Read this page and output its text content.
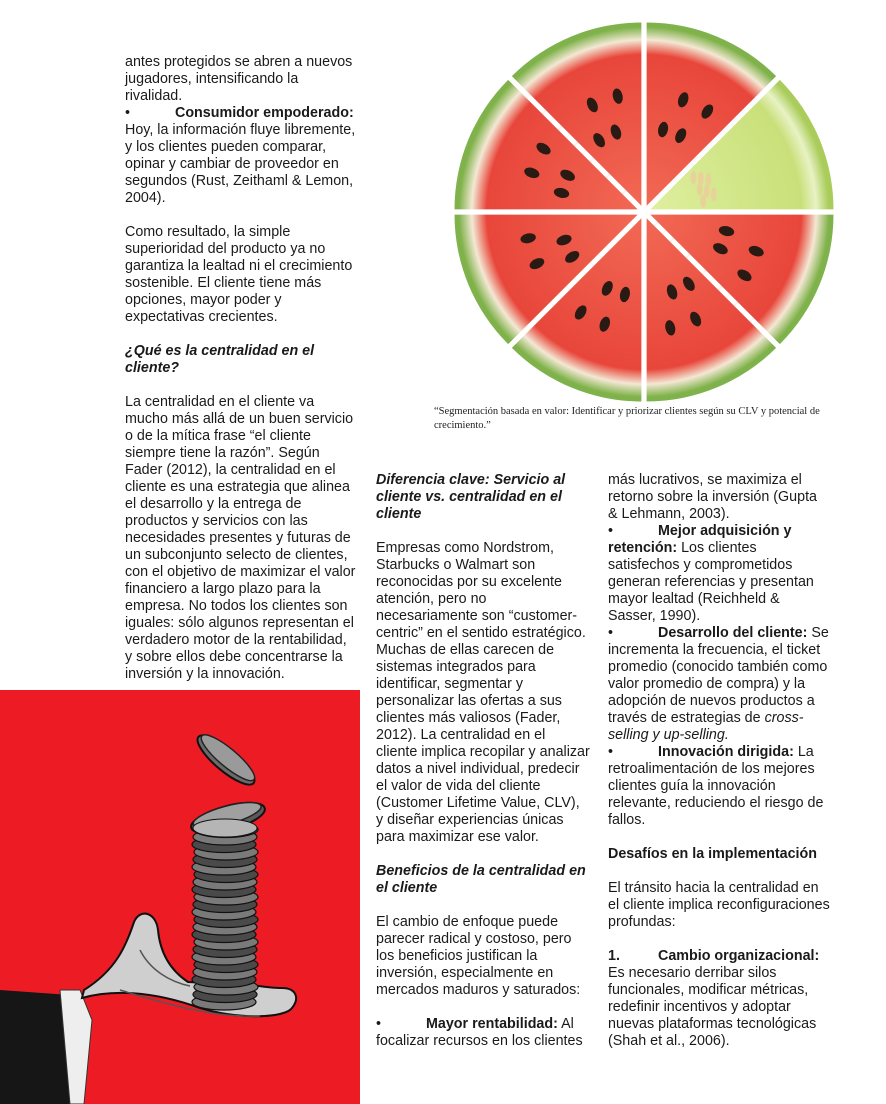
antes protegidos se abren a nuevos jugadores, intensificando la rivalidad.

•	Consumidor empoderado: Hoy, la información fluye libremente, y los clientes pueden comparar, opinar y cambiar de proveedor en segundos (Rust, Zeithaml & Lemon, 2004).

Como resultado, la simple superioridad del producto ya no garantiza la lealtad ni el crecimiento sostenible. El cliente tiene más opciones, mayor poder y expectativas crecientes.

¿Qué es la centralidad en el cliente?

La centralidad en el cliente va mucho más allá de un buen servicio o de la mítica frase “el cliente siempre tiene la razón”. Según Fader (2012), la centralidad en el cliente es una estrategia que alinea el desarrollo y la entrega de productos y servicios con las necesidades presentes y futuras de un subconjunto selecto de clientes, con el objetivo de maximizar el valor financiero a largo plazo para la empresa. No todos los clientes son iguales: sólo algunos representan el verdadero motor de la rentabilidad, y sobre ellos debe concentrarse la inversión y la innovación.

“Segmentación basada en valor: Identificar y priorizar clientes según su CLV y potencial de crecimiento.”

Diferencia clave: Servicio al cliente vs. centralidad en el cliente

Empresas como Nordstrom, Starbucks o Walmart son reconocidas por su excelente atención, pero no necesariamente son “customer-centric” en el sentido estratégico. Muchas de ellas carecen de sistemas integrados para identificar, segmentar y personalizar las ofertas a sus clientes más valiosos (Fader, 2012). La centralidad en el cliente implica recopilar y analizar datos a nivel individual, predecir el valor de vida del cliente (Customer Lifetime Value, CLV), y diseñar experiencias únicas para maximizar ese valor.

Beneficios de la centralidad en el cliente

El cambio de enfoque puede parecer radical y costoso, pero los beneficios justifican la inversión, especialmente en mercados maduros y saturados:

•	Mayor rentabilidad: Al focalizar recursos en los clientes

más lucrativos, se maximiza el retorno sobre la inversión (Gupta & Lehmann, 2003).

•	Mejor adquisición y retención: Los clientes satisfechos y comprometidos generan referencias y presentan mayor lealtad (Reichheld & Sasser, 1990).

•	Desarrollo del cliente: Se incrementa la frecuencia, el ticket promedio (conocido también como valor promedio de compra) y la adopción de nuevos productos a través de estrategias de cross-selling y up-selling.

•	Innovación dirigida: La retroalimentación de los mejores clientes guía la innovación relevante, reduciendo el riesgo de fallos.

Desafíos en la implementación

El tránsito hacia la centralidad en el cliente implica reconfiguraciones profundas:

1.	Cambio organizacional: Es necesario derribar silos funcionales, modificar métricas, redefinir incentivos y adoptar nuevas plataformas tecnológicas (Shah et al., 2006).
